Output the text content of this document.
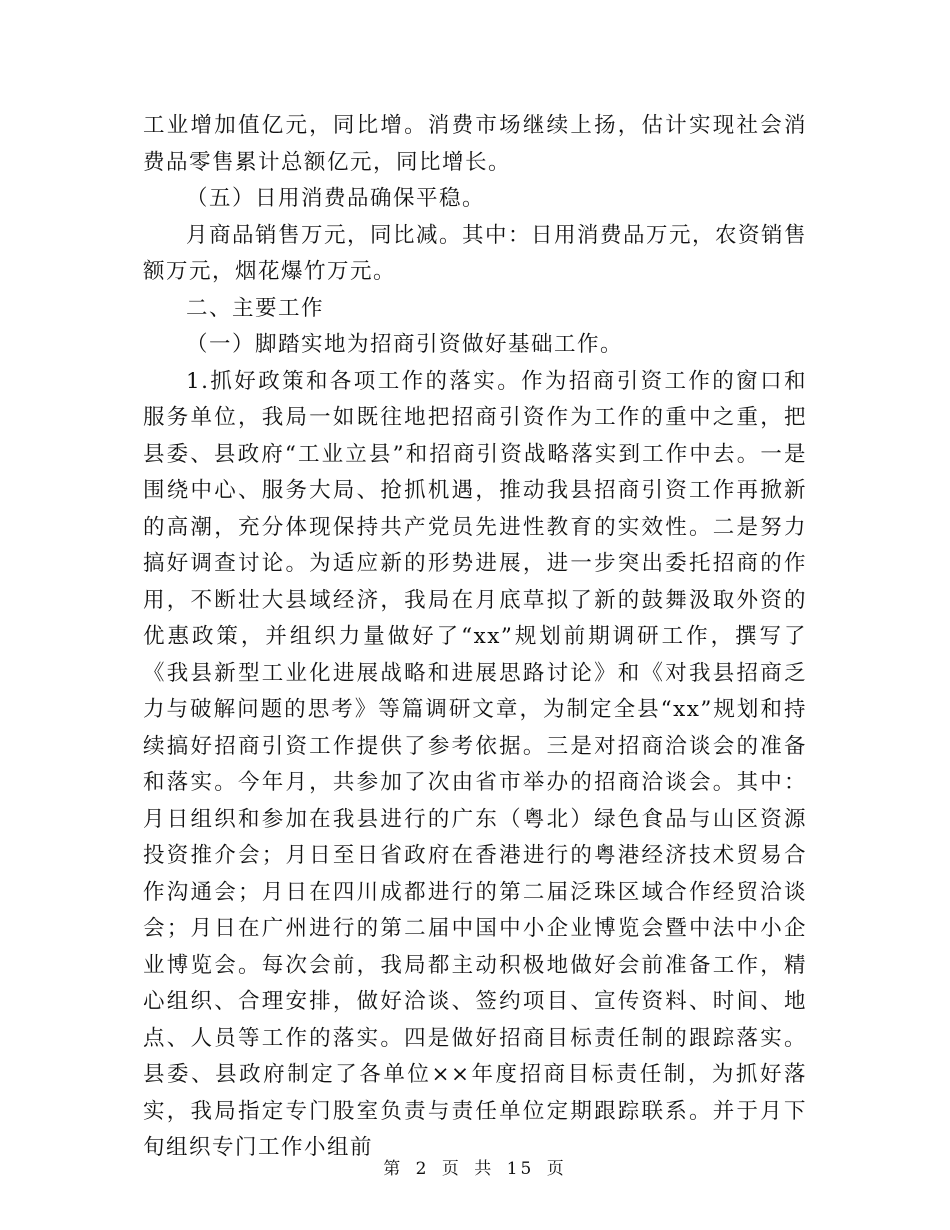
工业增加值亿元，同比增。消费市场继续上扬，估计实现社会消费品零售累计总额亿元，同比增长。

（五）日用消费品确保平稳。

月商品销售万元，同比减。其中：日用消费品万元，农资销售额万元，烟花爆竹万元。

二、主要工作

（一）脚踏实地为招商引资做好基础工作。

1.抓好政策和各项工作的落实。作为招商引资工作的窗口和服务单位，我局一如既往地把招商引资作为工作的重中之重，把县委、县政府“工业立县”和招商引资战略落实到工作中去。一是围绕中心、服务大局、抢抓机遇，推动我县招商引资工作再掀新的高潮，充分体现保持共产党员先进性教育的实效性。二是努力搞好调查讨论。为适应新的形势进展，进一步突出委托招商的作用，不断壮大县域经济，我局在月底草拟了新的鼓舞汲取外资的优惠政策，并组织力量做好了“xx”规划前期调研工作，撰写了《我县新型工业化进展战略和进展思路讨论》和《对我县招商乏力与破解问题的思考》等篇调研文章，为制定全县“xx”规划和持续搞好招商引资工作提供了参考依据。三是对招商洽谈会的准备和落实。今年月，共参加了次由省市举办的招商洽谈会。其中：月日组织和参加在我县进行的广东（粤北）绿色食品与山区资源投资推介会；月日至日省政府在香港进行的粤港经济技术贸易合作沟通会；月日在四川成都进行的第二届泛珠区域合作经贸洽谈会；月日在广州进行的第二届中国中小企业博览会暨中法中小企业博览会。每次会前，我局都主动积极地做好会前准备工作，精心组织、合理安排，做好洽谈、签约项目、宣传资料、时间、地点、人员等工作的落实。四是做好招商目标责任制的跟踪落实。县委、县政府制定了各单位××年度招商目标责任制，为抓好落实，我局指定专门股室负责与责任单位定期跟踪联系。并于月下旬组织专门工作小组前

第 2 页 共 15 页
